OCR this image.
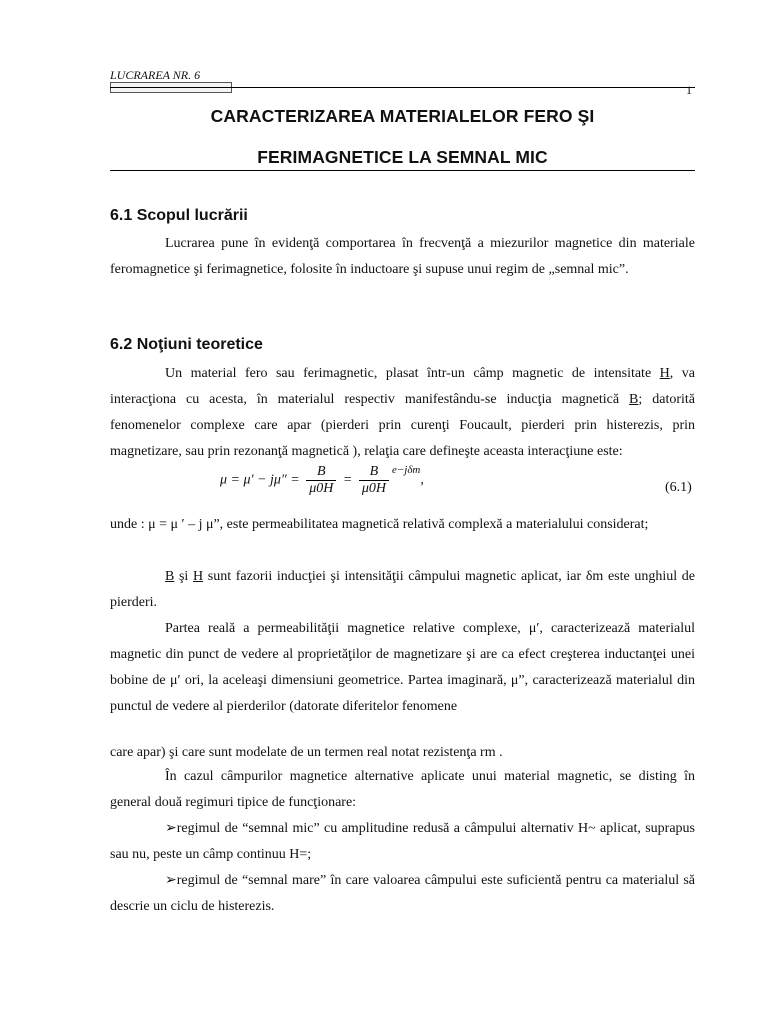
LUCRAREA NR. 6
1
CARACTERIZAREA MATERIALELOR FERO ŞI
FERIMAGNETICE LA SEMNAL MIC
6.1 Scopul lucrării
Lucrarea pune în evidenţă comportarea în frecvenţă a miezurilor magnetice din materiale feromagnetice şi ferimagnetice, folosite în inductoare şi supuse unui regim de „semnal mic”.
6.2 Noţiuni teoretice
Un material fero sau ferimagnetic, plasat într-un câmp magnetic de intensitate H, va interacţiona cu acesta, în materialul respectiv manifestându-se inducţia magnetică B; datorită fenomenelor complexe care apar (pierderi prin curenţi Foucault, pierderi prin histerezis, prin magnetizare, sau prin rezonanţă magnetică ), relaţia care defineşte aceasta interacţiune este:
$\mu = \mu' - j\mu'' = \frac{B}{\mu 0H} = \frac{B}{\mu 0H} ^{e-j\delta m}$,	(6.1)
unde : μ = μ ′ – j μ”, este permeabilitatea magnetică relativă complexă a materialului considerat;
B şi H sunt fazorii inducţiei şi intensităţii câmpului magnetic aplicat, iar δm este unghiul de pierderi.
Partea reală a permeabilităţii magnetice relative complexe, μ′, caracterizează materialul magnetic din punct de vedere al proprietăţilor de magnetizare şi are ca efect creşterea inductanţei unei bobine de μ′ ori, la aceleaşi dimensiuni geometrice. Partea imaginară, μ”, caracterizează materialul din punctul de vedere al pierderilor (datorate diferitelor fenomene
care apar) şi care sunt modelate de un termen real notat rezistenţa rm .
În cazul câmpurilor magnetice alternative aplicate unui material magnetic, se disting în general două regimuri tipice de funcţionare:
➢regimul de “semnal mic” cu amplitudine redusă a câmpului alternativ H~ aplicat, suprapus sau nu, peste un câmp continuu H=;
➢regimul de “semnal mare” în care valoarea câmpului este suficientă pentru ca materialul să descrie un ciclu de histerezis.
